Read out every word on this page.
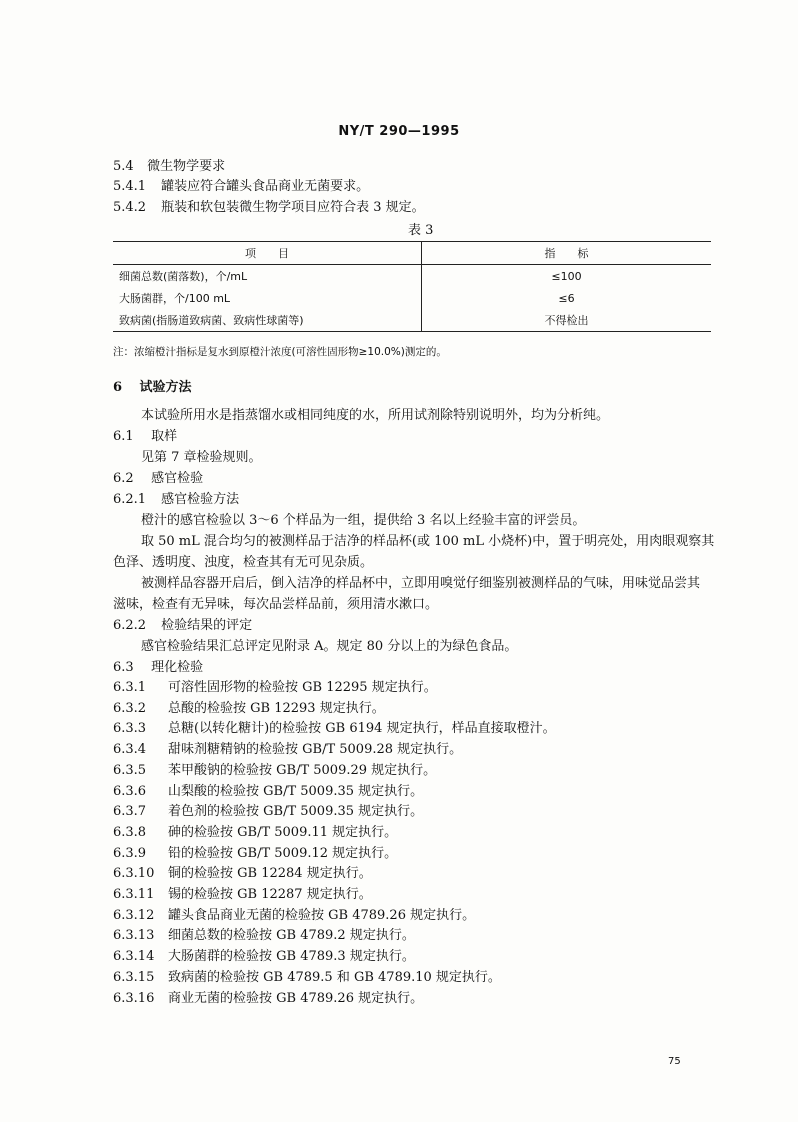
NY/T 290—1995
5.4 微生物学要求
5.4.1 罐装应符合罐头食品商业无菌要求。
5.4.2 瓶装和软包装微生物学项目应符合表 3 规定。
表 3
项　　目	指　　标
细菌总数(菌落数)，个/mL	≤100
大肠菌群，个/100 mL	≤6
致病菌(指肠道致病菌、致病性球菌等)	不得检出
注：浓缩橙汁指标是复水到原橙汁浓度(可溶性固形物≥10.0%)测定的。
6 试验方法
本试验所用水是指蒸馏水或相同纯度的水，所用试剂除特别说明外，均为分析纯。
6.1 取样
见第 7 章检验规则。
6.2 感官检验
6.2.1 感官检验方法
橙汁的感官检验以 3～6 个样品为一组，提供给 3 名以上经验丰富的评尝员。
取 50 mL 混合均匀的被测样品于洁净的样品杯(或 100 mL 小烧杯)中，置于明亮处，用肉眼观察其
色泽、透明度、浊度，检查其有无可见杂质。
被测样品容器开启后，倒入洁净的样品杯中，立即用嗅觉仔细鉴别被测样品的气味，用味觉品尝其
滋味，检查有无异味，每次品尝样品前，须用清水漱口。
6.2.2 检验结果的评定
感官检验结果汇总评定见附录 A。规定 80 分以上的为绿色食品。
6.3 理化检验
6.3.1 可溶性固形物的检验按 GB 12295 规定执行。
6.3.2 总酸的检验按 GB 12293 规定执行。
6.3.3 总糖(以转化糖计)的检验按 GB 6194 规定执行，样品直接取橙汁。
6.3.4 甜味剂糖精钠的检验按 GB/T 5009.28 规定执行。
6.3.5 苯甲酸钠的检验按 GB/T 5009.29 规定执行。
6.3.6 山梨酸的检验按 GB/T 5009.35 规定执行。
6.3.7 着色剂的检验按 GB/T 5009.35 规定执行。
6.3.8 砷的检验按 GB/T 5009.11 规定执行。
6.3.9 铅的检验按 GB/T 5009.12 规定执行。
6.3.10 铜的检验按 GB 12284 规定执行。
6.3.11 锡的检验按 GB 12287 规定执行。
6.3.12 罐头食品商业无菌的检验按 GB 4789.26 规定执行。
6.3.13 细菌总数的检验按 GB 4789.2 规定执行。
6.3.14 大肠菌群的检验按 GB 4789.3 规定执行。
6.3.15 致病菌的检验按 GB 4789.5 和 GB 4789.10 规定执行。
6.3.16 商业无菌的检验按 GB 4789.26 规定执行。
75
